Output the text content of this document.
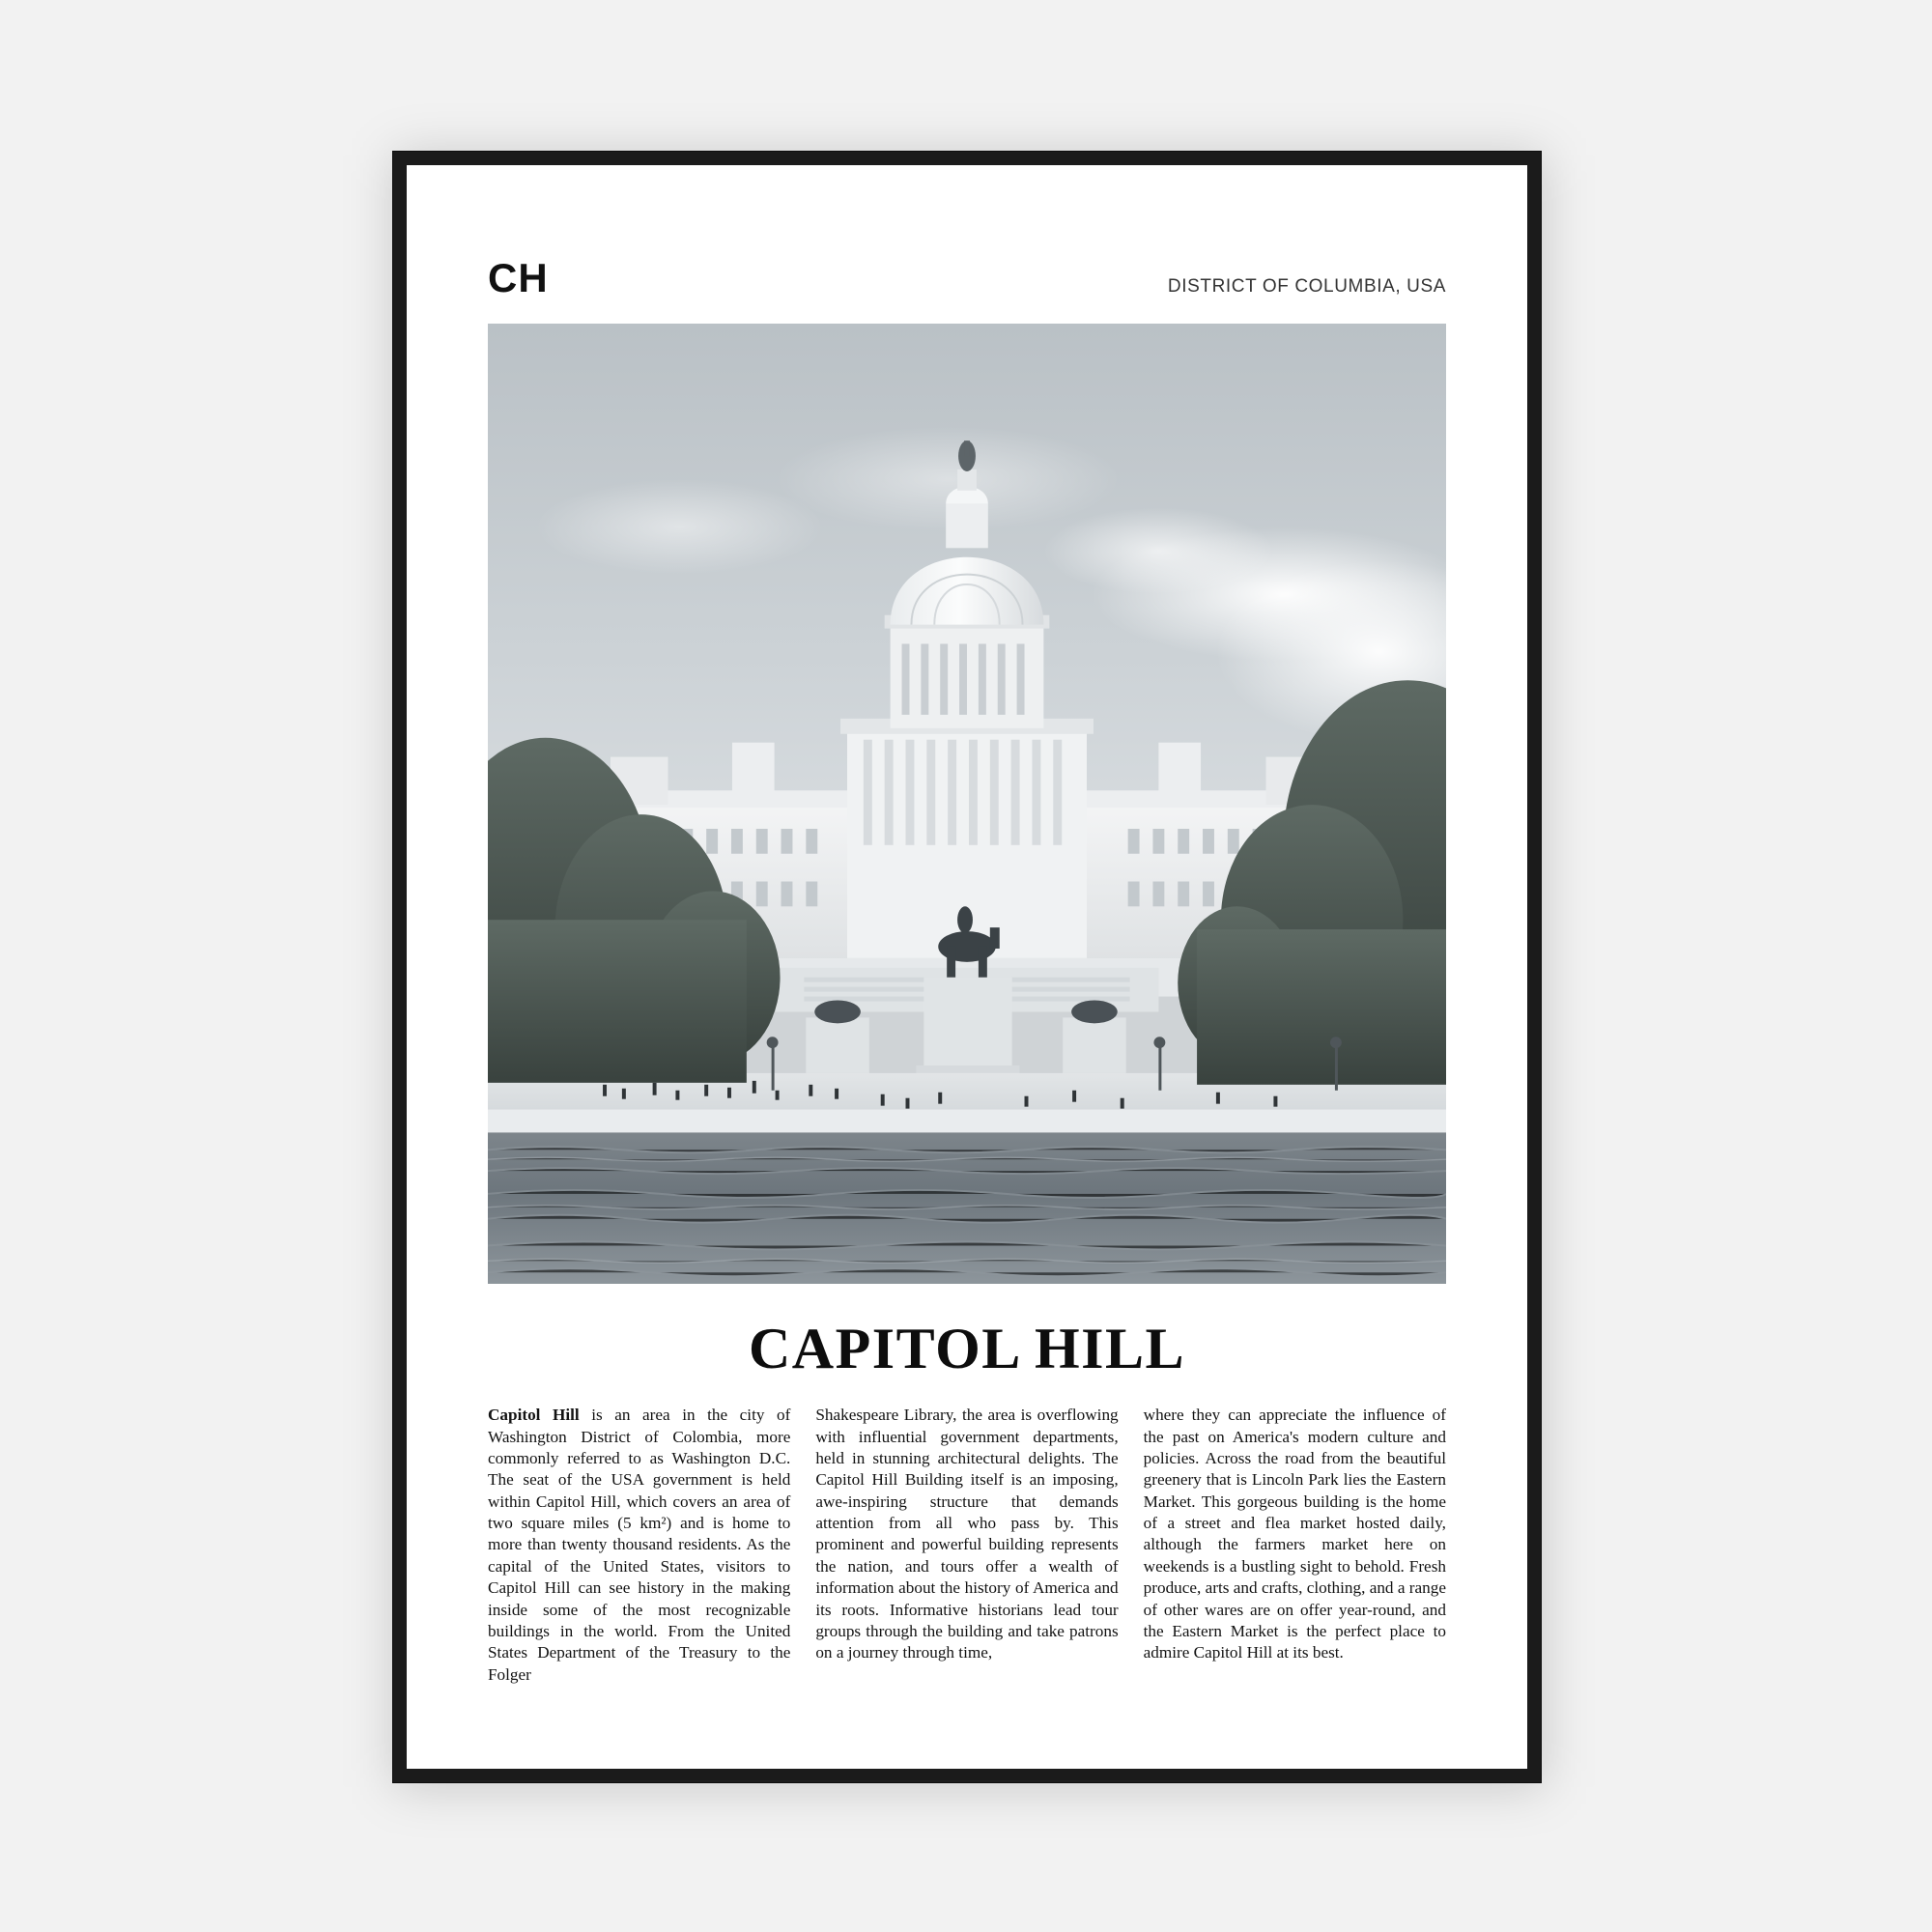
CH	DISTRICT OF COLUMBIA, USA
CAPITOL HILL

Capitol Hill is an area in the city of Washington District of Colombia, more commonly referred to as Washington D.C. The seat of the USA government is held within Capitol Hill, which covers an area of two square miles (5 km²) and is home to more than twenty thousand residents. As the capital of the United States, visitors to Capitol Hill can see history in the making inside some of the most recognizable buildings in the world. From the United States Department of the Treasury to the Folger

Shakespeare Library, the area is overflowing with influential government departments, held in stunning architectural delights. The Capitol Hill Building itself is an imposing, awe-inspiring structure that demands attention from all who pass by. This prominent and powerful building represents the nation, and tours offer a wealth of information about the history of America and its roots. Informative historians lead tour groups through the building and take patrons on a journey through time,

where they can appreciate the influence of the past on America's modern culture and policies. Across the road from the beautiful greenery that is Lincoln Park lies the Eastern Market. This gorgeous building is the home of a street and flea market hosted daily, although the farmers market here on weekends is a bustling sight to behold. Fresh produce, arts and crafts, clothing, and a range of other wares are on offer year-round, and the Eastern Market is the perfect place to admire Capitol Hill at its best.
